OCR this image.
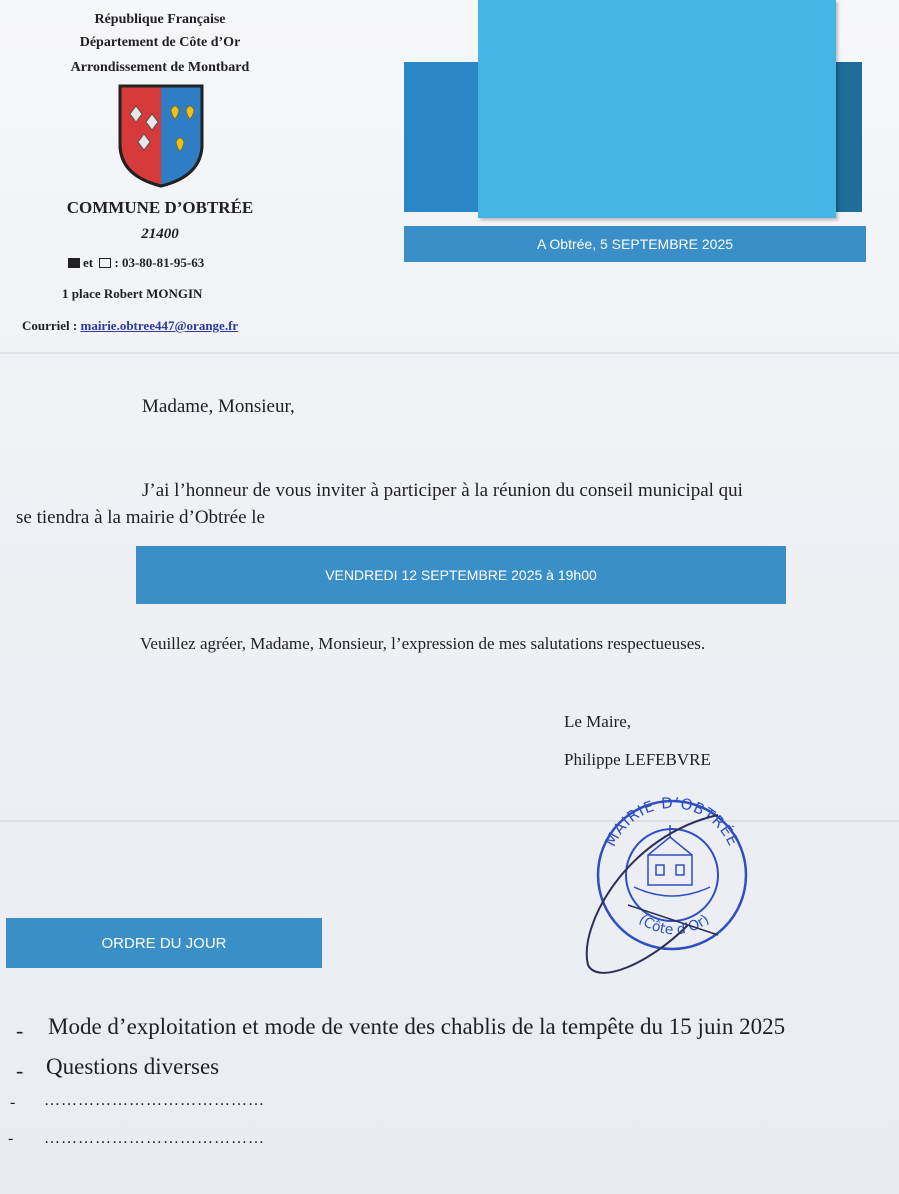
République Française
Département de Côte d’Or
Arrondissement de Montbard
COMMUNE D’OBTRÉE
21400
et : 03-80-81-95-63
1 place Robert MONGIN
Courriel : mairie.obtree447@orange.fr
A Obtrée, 5 SEPTEMBRE 2025
Madame, Monsieur,
J’ai l’honneur de vous inviter à participer à la réunion du conseil municipal qui
se tiendra à la mairie d’Obtrée le
VENDREDI 12 SEPTEMBRE 2025 à 19h00
Veuillez agréer, Madame, Monsieur, l’expression de mes salutations respectueuses.
Le Maire,
Philippe LEFEBVRE
MAIRIE D’OBTRÉE
(Côte d’Or)
ORDRE DU JOUR
- Mode d’exploitation et mode de vente des chablis de la tempête du 15 juin 2025
- Questions diverses
- …………………………………
- …………………………………
